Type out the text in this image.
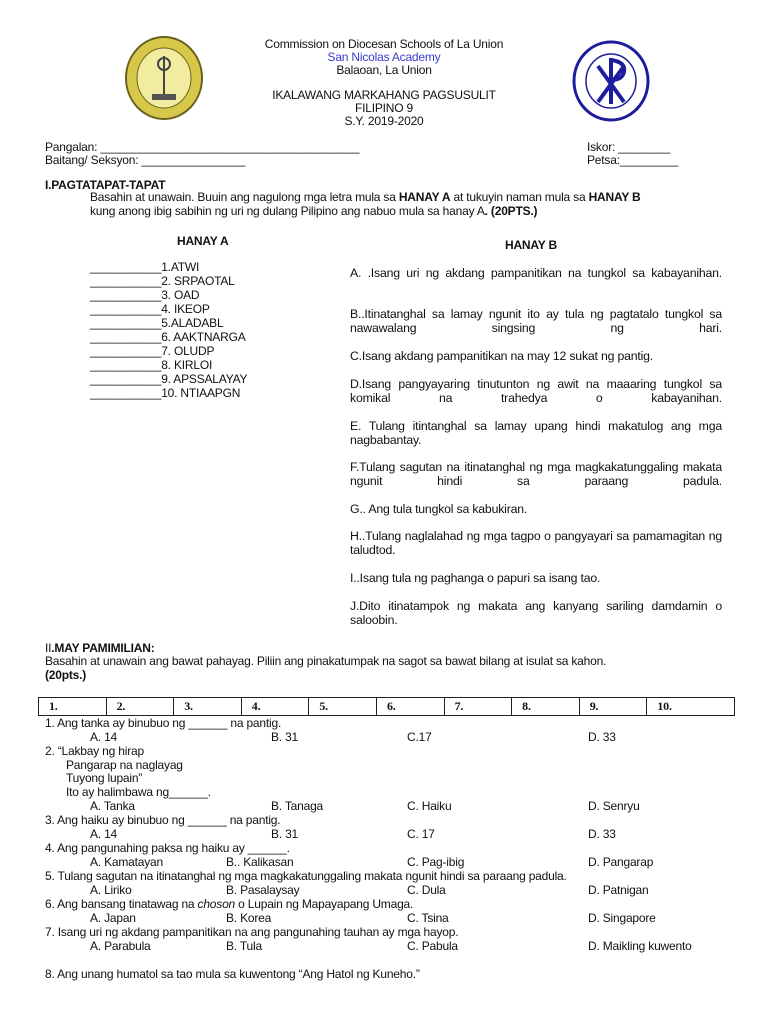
Commission on Diocesan Schools of La Union
San Nicolas Academy
Balaoan, La Union
IKALAWANG MARKAHANG PAGSUSULIT
FILIPINO 9
S.Y. 2019-2020
Pangalan: ________________________________________
Baitang/ Seksyon: ________________
Iskor: ________
Petsa:_________
I.PAGTATAPAT-TAPAT
Basahin at unawain. Buuin ang nagulong mga letra mula sa HANAY A at tukuyin naman mula sa HANAY B
kung anong ibig sabihin ng uri ng dulang Pilipino ang nabuo mula sa hanay A. (20PTS.)
HANAY A	HANAY B
II.MAY PAMIMILIAN:
Basahin at unawain ang bawat pahayag. Piliin ang pinakatumpak na sagot sa bawat bilang at isulat sa kahon.
(20pts.)
1.	2.	3.	4.	5.	6.	7.	8.	9.	10.
___________1.ATWI
___________2. SRPAOTAL
___________3. OAD
___________4. IKEOP
___________5.ALADABL
___________6. AAKTNARGA
___________7. OLUDP
___________8. KIRLOI
___________9. APSSALAYAY
___________10. NTIAAPGN
A. .Isang uri ng akdang pampanitikan na tungkol sa kabayanihan.
B..Itinatanghal sa lamay ngunit ito ay tula ng pagtatalo tungkol sa nawawalang singsing ng hari.
C.Isang akdang pampanitikan na may 12 sukat ng pantig.
D.Isang pangyayaring tinutunton ng awit na maaaring tungkol sa komikal na trahedya o kabayanihan.
E. Tulang itintanghal sa lamay upang hindi makatulog ang mga nagbabantay.
F.Tulang sagutan na itinatanghal ng mga magkakatunggaling makata ngunit hindi sa paraang padula.
G.. Ang tula tungkol sa kabukiran.
H..Tulang naglalahad ng mga tagpo o pangyayari sa pamamagitan ng taludtod.
I..Isang tula ng paghanga o papuri sa isang tao.
J.Dito itinatampok ng makata ang kanyang sariling damdamin o saloobin.
1. Ang tanka ay binubuo ng ______ na pantig.
A. 14	B. 31	C.17	D. 33
2. “Lakbay ng hirap
Pangarap na naglayag
Tuyong lupain”
Ito ay halimbawa ng______.
A. Tanka	B. Tanaga	C. Haiku	D. Senryu
3. Ang haiku ay binubuo ng ______ na pantig.
A. 14	B. 31	C. 17	D. 33
4. Ang pangunahing paksa ng haiku ay ______.
A. Kamatayan	B.. Kalikasan	C. Pag-ibig	D. Pangarap
5. Tulang sagutan na itinatanghal ng mga magkakatunggaling makata ngunit hindi sa paraang padula.
A. Liriko	B. Pasalaysay	C. Dula	D. Patnigan
6. Ang bansang tinatawag na choson o Lupain ng Mapayapang Umaga.
A. Japan	B. Korea	C. Tsina	D. Singapore
7. Isang uri ng akdang pampanitikan na ang pangunahing tauhan ay mga hayop.
A. Parabula	B. Tula	C. Pabula	D. Maikling kuwento
8. Ang unang humatol sa tao mula sa kuwentong “Ang Hatol ng Kuneho.”
